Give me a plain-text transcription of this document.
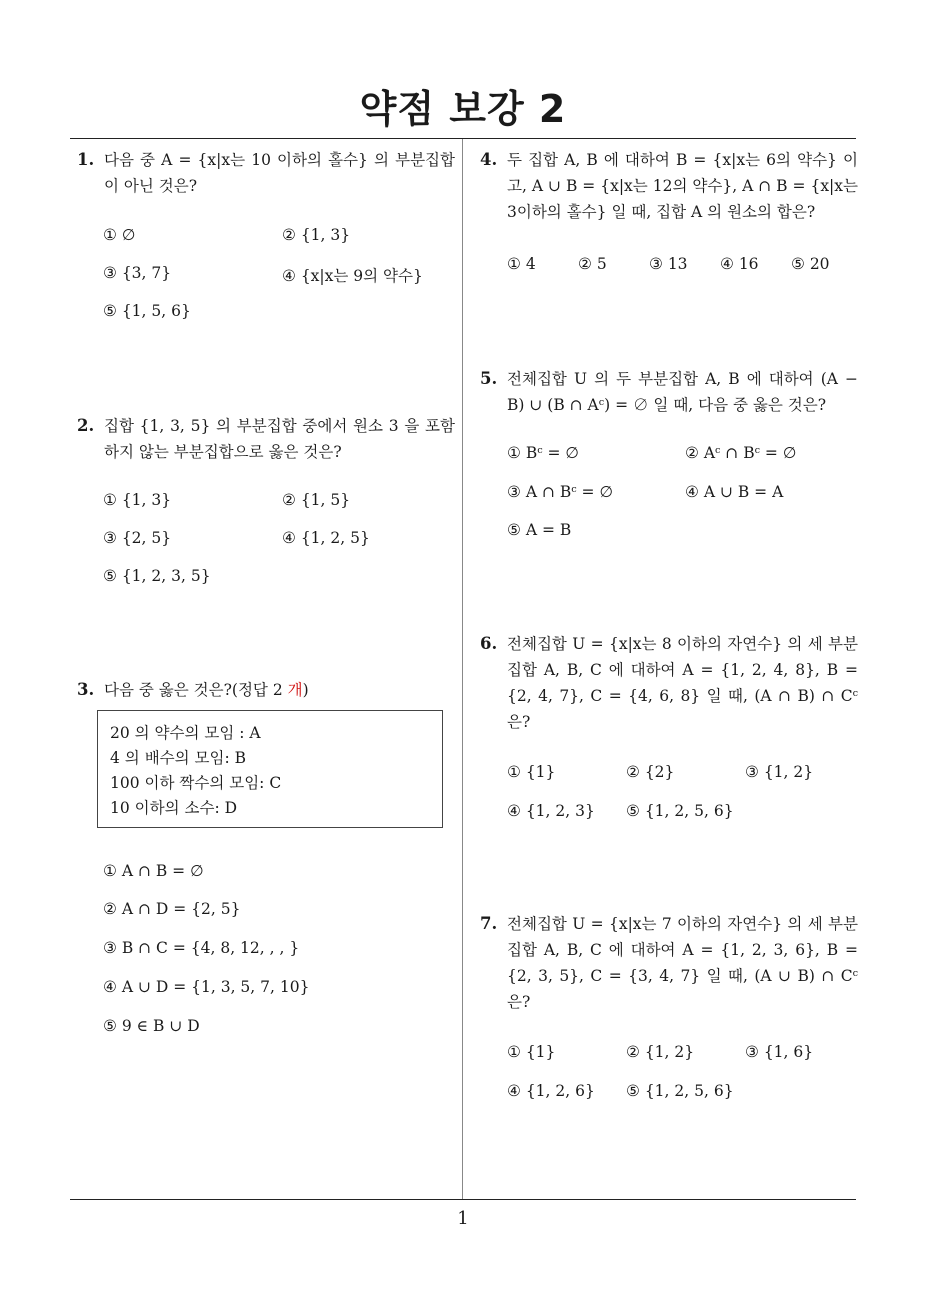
약점 보강 2
1. 다음 중 A = {x|x는 10 이하의 홀수} 의 부분집합이 아닌 것은?
① ∅	② {1, 3}
③ {3, 7}	④ {x|x는 9의 약수}
⑤ {1, 5, 6}
2. 집합 {1, 3, 5} 의 부분집합 중에서 원소 3 을 포함하지 않는 부분집합으로 옳은 것은?
① {1, 3}	② {1, 5}
③ {2, 5}	④ {1, 2, 5}
⑤ {1, 2, 3, 5}
3. 다음 중 옳은 것은?(정답 2 개)
20 의 약수의 모임 : A
4 의 배수의 모임: B
100 이하 짝수의 모임: C
10 이하의 소수: D
① A ∩ B = ∅
② A ∩ D = {2, 5}
③ B ∩ C = {4, 8, 12, , , }
④ A ∪ D = {1, 3, 5, 7, 10}
⑤ 9 ∈ B ∪ D
4. 두 집합 A, B 에 대하여 B = {x|x는 6의 약수} 이고, A ∪ B = {x|x는 12의 약수}, A ∩ B = {x|x는 3이하의 홀수} 일 때, 집합 A 의 원소의 합은?
① 4	② 5	③ 13 ④ 16 ⑤ 20
5. 전체집합 U 의 두 부분집합 A, B 에 대하여 (A − B) ∪ (B ∩ Aᶜ) = ∅ 일 때, 다음 중 옳은 것은?
① Bᶜ = ∅	② Aᶜ ∩ Bᶜ = ∅
③ A ∩ Bᶜ = ∅	④ A ∪ B = A
⑤ A = B
6. 전체집합 U = {x|x는 8 이하의 자연수} 의 세 부분집합 A, B, C 에 대하여 A = {1, 2, 4, 8}, B = {2, 4, 7}, C = {4, 6, 8} 일 때, (A ∩ B) ∩ Cᶜ 은?
① {1}	② {2}	③ {1, 2}
④ {1, 2, 3} ⑤ {1, 2, 5, 6}
7. 전체집합 U = {x|x는 7 이하의 자연수} 의 세 부분집합 A, B, C 에 대하여 A = {1, 2, 3, 6}, B = {2, 3, 5}, C = {3, 4, 7} 일 때, (A ∪ B) ∩ Cᶜ 은?
① {1}	② {1, 2}	③ {1, 6}
④ {1, 2, 6} ⑤ {1, 2, 5, 6}
1
